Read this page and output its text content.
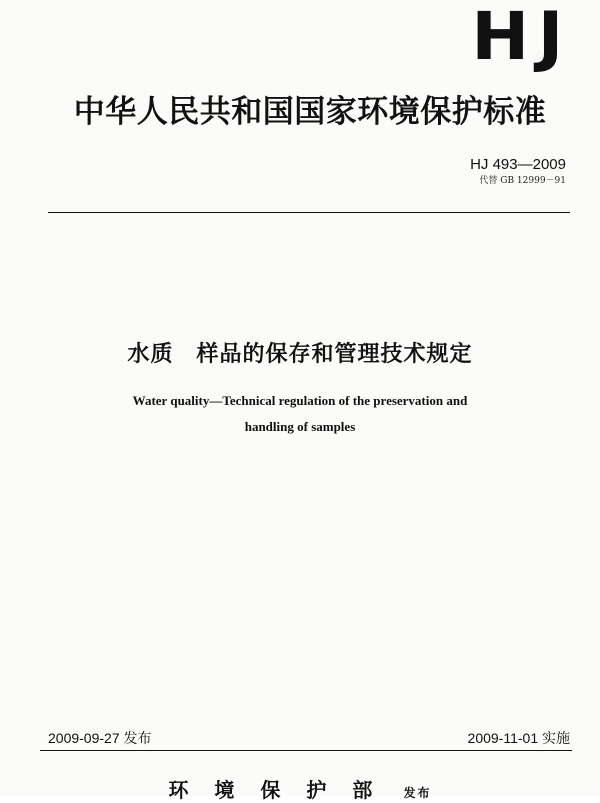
HJ
中华人民共和国国家环境保护标准
HJ 493—2009
代替 GB 12999－91
水质　样品的保存和管理技术规定
Water quality—Technical regulation of the preservation and
handling of samples
2009-09-27 发布	2009-11-01 实施
环境保护部 发布
